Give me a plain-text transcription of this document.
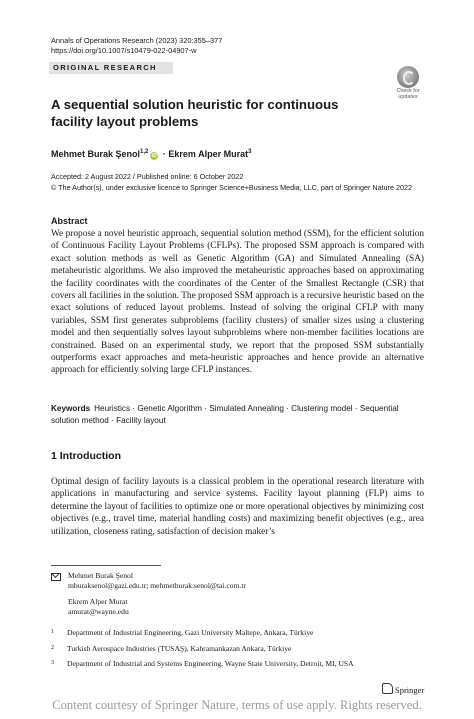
Annals of Operations Research (2023) 320:355–377
https://doi.org/10.1007/s10479-022-04907-w
ORIGINAL RESEARCH
Check for
updates
A sequential solution heuristic for continuous facility layout problems
Mehmet Burak Şenol$^{1,2}$iD · Ekrem Alper Murat$^3$
Accepted: 2 August 2022 / Published online: 6 October 2022
© The Author(s), under exclusive licence to Springer Science+Business Media, LLC, part of Springer Nature 2022
Abstract
We propose a novel heuristic approach, sequential solution method (SSM), for the efficient solution of Continuous Facility Layout Problems (CFLPs). The proposed SSM approach is compared with exact solution methods as well as Genetic Algorithm (GA) and Simulated Annealing (SA) metaheuristic algorithms. We also improved the metaheuristic approaches based on approximating the facility coordinates with the coordinates of the Center of the Smallest Rectangle (CSR) that covers all facilities in the solution. The proposed SSM approach is a recursive heuristic based on the exact solutions of reduced layout problems. Instead of solving the original CFLP with many variables, SSM first generates subproblems (facility clusters) of smaller sizes using a clustering model and then sequentially solves layout subproblems where non-member facilities locations are constrained. Based on an experimental study, we report that the proposed SSM substantially outperforms exact approaches and meta-heuristic approaches and hence provide an alternative approach for efficiently solving large CFLP instances.
Keywords Heuristics · Genetic Algorithm · Simulated Annealing · Clustering model · Sequential solution method · Facility layout
1 Introduction
Optimal design of facility layouts is a classical problem in the operational research literature with applications in manufacturing and service systems. Facility layout planning (FLP) aims to determine the layout of facilities to optimize one or more operational objectives by minimizing cost objectives (e.g., travel time, material handling costs) and maximizing benefit objectives (e.g., area utilization, closeness rating, satisfaction of decision maker’s
Mehmet Burak Şenol
mburaksenol@gazi.edu.tr; mehmetburak.senol@tai.com.tr
Ekrem Alper Murat
amurat@wayne.edu
1 Department of Industrial Engineering, Gazi University Maltepe, Ankara, Türkiye
2 Turkish Aerospace Industries (TUSAŞ), Kahramankazan Ankara, Türkiye
3 Department of Industrial and Systems Engineering, Wayne State University, Detroit, MI, USA
Springer
Content courtesy of Springer Nature, terms of use apply. Rights reserved.
